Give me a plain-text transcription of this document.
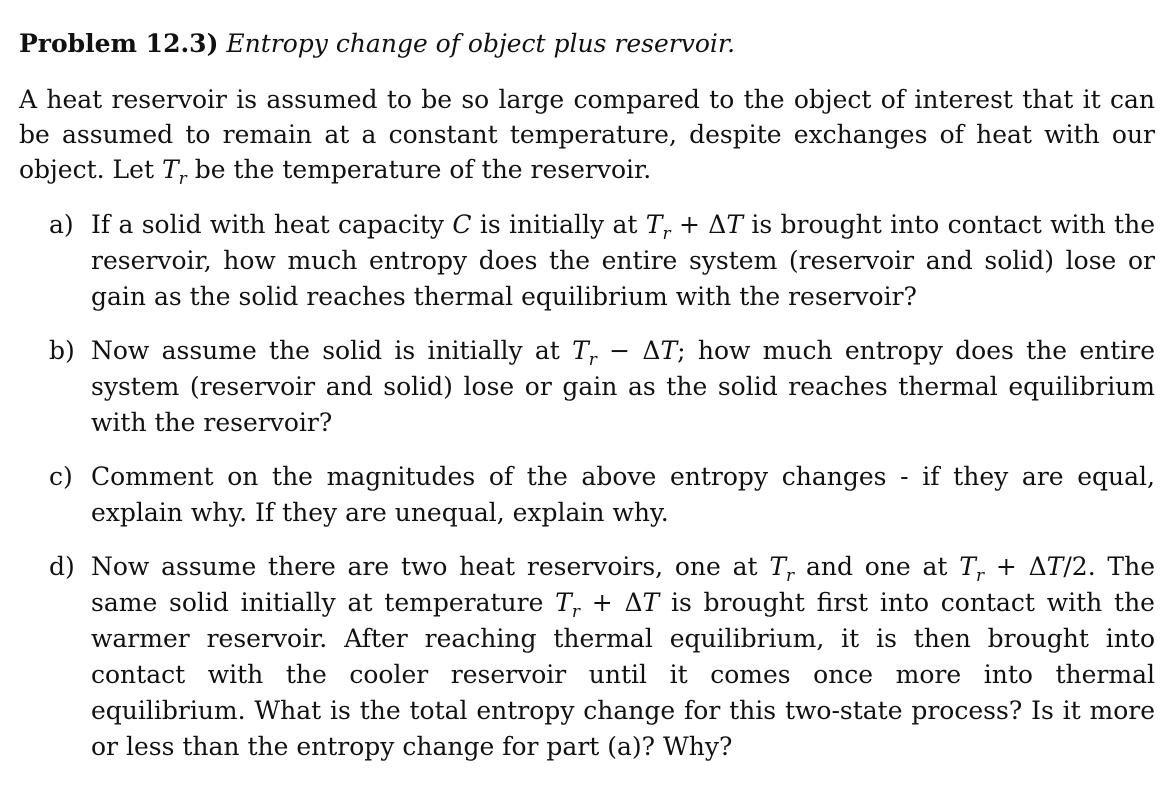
Problem 12.3) Entropy change of object plus reservoir.
A heat reservoir is assumed to be so large compared to the object of interest that it can be assumed to remain at a constant temperature, despite exchanges of heat with our object. Let $T_r$ be the temperature of the reservoir.
a) If a solid with heat capacity C is initially at $T_r + \Delta T$ is brought into contact with the reservoir, how much entropy does the entire system (reservoir and solid) lose or gain as the solid reaches thermal equilibrium with the reservoir?
b) Now assume the solid is initially at $T_r - \Delta T$; how much entropy does the entire system (reservoir and solid) lose or gain as the solid reaches thermal equilibrium with the reservoir?
c) Comment on the magnitudes of the above entropy changes - if they are equal, explain why. If they are unequal, explain why.
d) Now assume there are two heat reservoirs, one at $T_r$ and one at $T_r + \Delta T/2$. The same solid initially at temperature $T_r + \Delta T$ is brought first into contact with the warmer reservoir. After reaching thermal equilibrium, it is then brought into contact with the cooler reservoir until it comes once more into thermal equilibrium. What is the total entropy change for this two-state process? Is it more or less than the entropy change for part (a)? Why?
